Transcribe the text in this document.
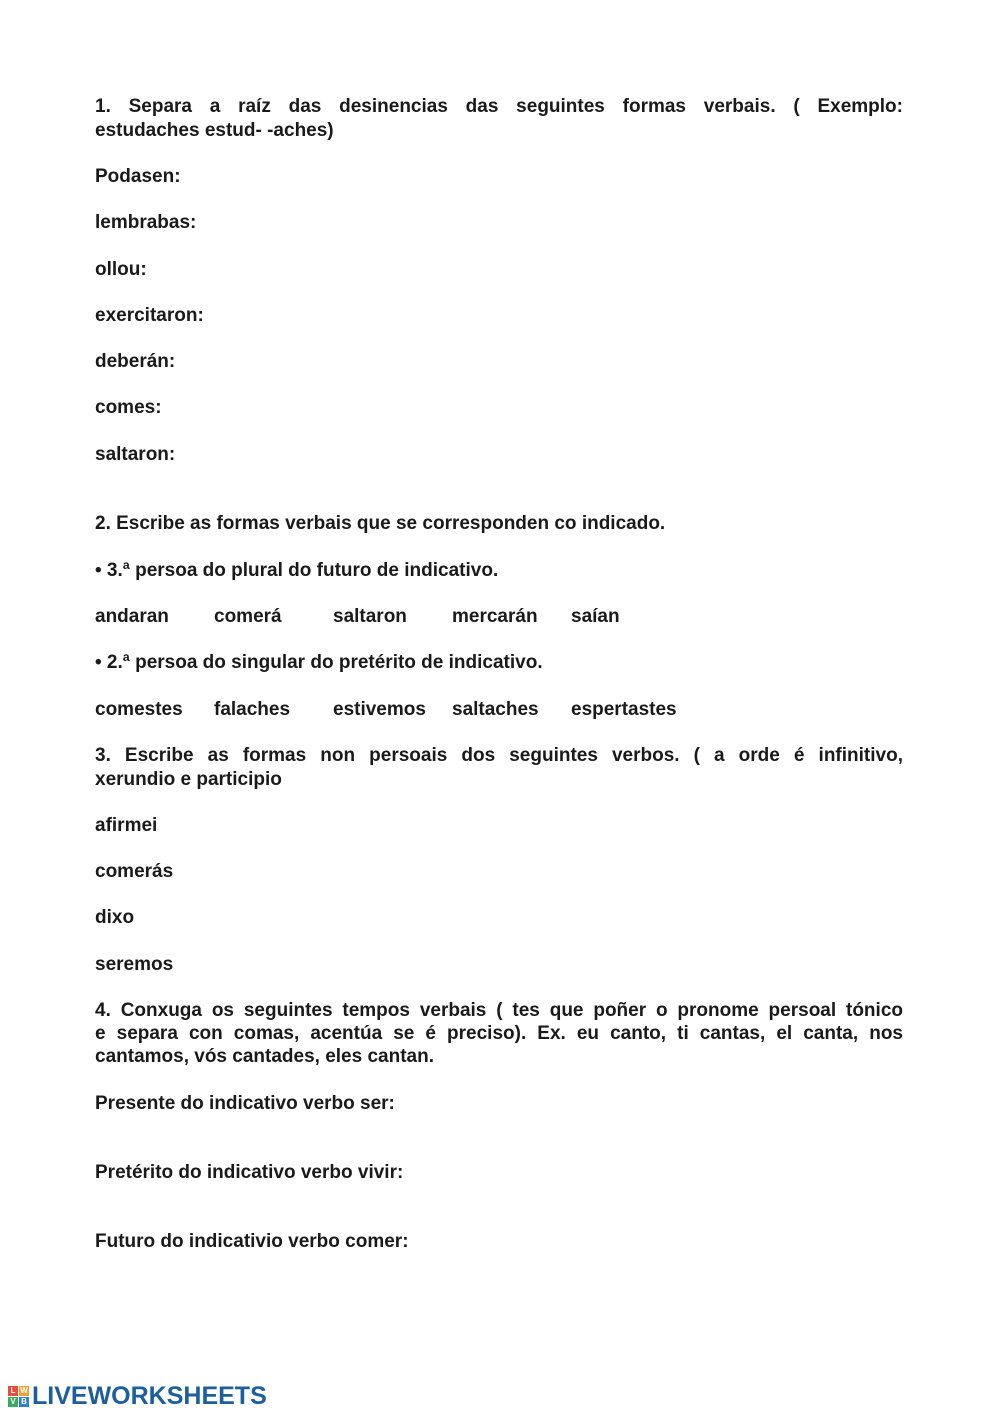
1. Separa a raíz das desinencias das seguintes formas verbais. ( Exemplo:

estudaches estud- -aches)

Podasen:

lembrabas:

ollou:

exercitaron:

deberán:

comes:

saltaron:

2. Escribe as formas verbais que se corresponden co indicado.

• 3.ª persoa do plural do futuro de indicativo.

andaran comerá	saltaron mercarán saían

• 2.ª persoa do singular do pretérito de indicativo.

comestes falaches estivemos saltaches espertastes

3. Escribe as formas non persoais dos seguintes verbos. ( a orde é infinitivo,

xerundio e participio

afirmei

comerás

dixo

seremos

4. Conxuga os seguintes tempos verbais ( tes que poñer o pronome persoal tónico

e separa con comas, acentúa se é preciso). Ex. eu canto, ti cantas, el canta, nos

cantamos, vós cantades, eles cantan.

Presente do indicativo verbo ser:

Pretérito do indicativo verbo vivir:

Futuro do indicativio verbo comer:

L W
V B LIVEWORKSHEETS
